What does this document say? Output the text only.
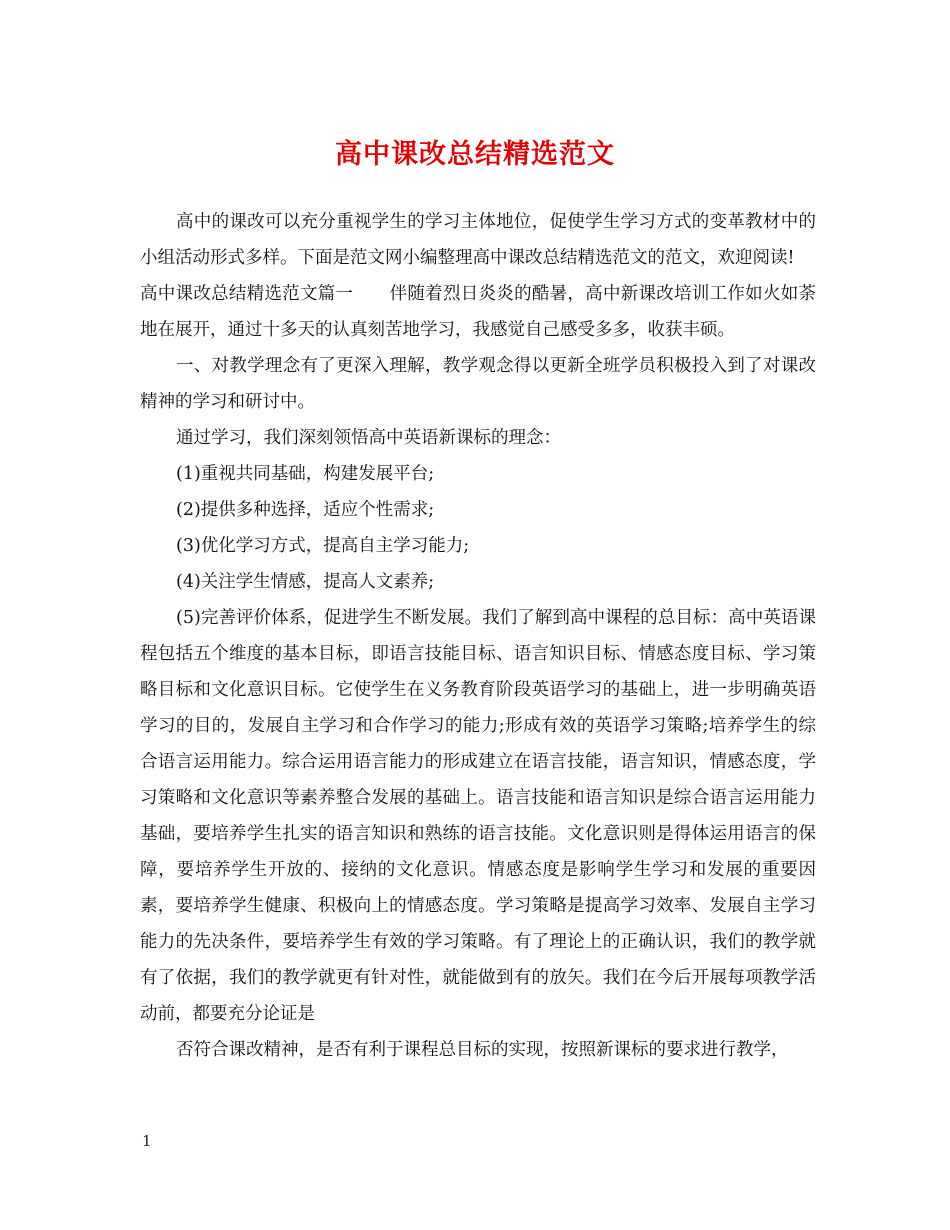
高中课改总结精选范文

高中的课改可以充分重视学生的学习主体地位，促使学生学习方式的变革教材中的小组活动形式多样。下面是范文网小编整理高中课改总结精选范文的范文，欢迎阅读!

高中课改总结精选范文篇一 伴随着烈日炎炎的酷暑，高中新课改培训工作如火如荼地在展开，通过十多天的认真刻苦地学习，我感觉自己感受多多，收获丰硕。

一、对教学理念有了更深入理解，教学观念得以更新全班学员积极投入到了对课改精神的学习和研讨中。

通过学习，我们深刻领悟高中英语新课标的理念：

(1)重视共同基础，构建发展平台;

(2)提供多种选择，适应个性需求;

(3)优化学习方式，提高自主学习能力;

(4)关注学生情感，提高人文素养;

(5)完善评价体系，促进学生不断发展。我们了解到高中课程的总目标：高中英语课程包括五个维度的基本目标，即语言技能目标、语言知识目标、情感态度目标、学习策略目标和文化意识目标。它使学生在义务教育阶段英语学习的基础上，进一步明确英语学习的目的，发展自主学习和合作学习的能力;形成有效的英语学习策略;培养学生的综合语言运用能力。综合运用语言能力的形成建立在语言技能，语言知识，情感态度，学习策略和文化意识等素养整合发展的基础上。语言技能和语言知识是综合语言运用能力基础，要培养学生扎实的语言知识和熟练的语言技能。文化意识则是得体运用语言的保障，要培养学生开放的、接纳的文化意识。情感态度是影响学生学习和发展的重要因素，要培养学生健康、积极向上的情感态度。学习策略是提高学习效率、发展自主学习能力的先决条件，要培养学生有效的学习策略。有了理论上的正确认识，我们的教学就有了依据，我们的教学就更有针对性，就能做到有的放矢。我们在今后开展每项教学活动前，都要充分论证是

否符合课改精神，是否有利于课程总目标的实现，按照新课标的要求进行教学，

1
